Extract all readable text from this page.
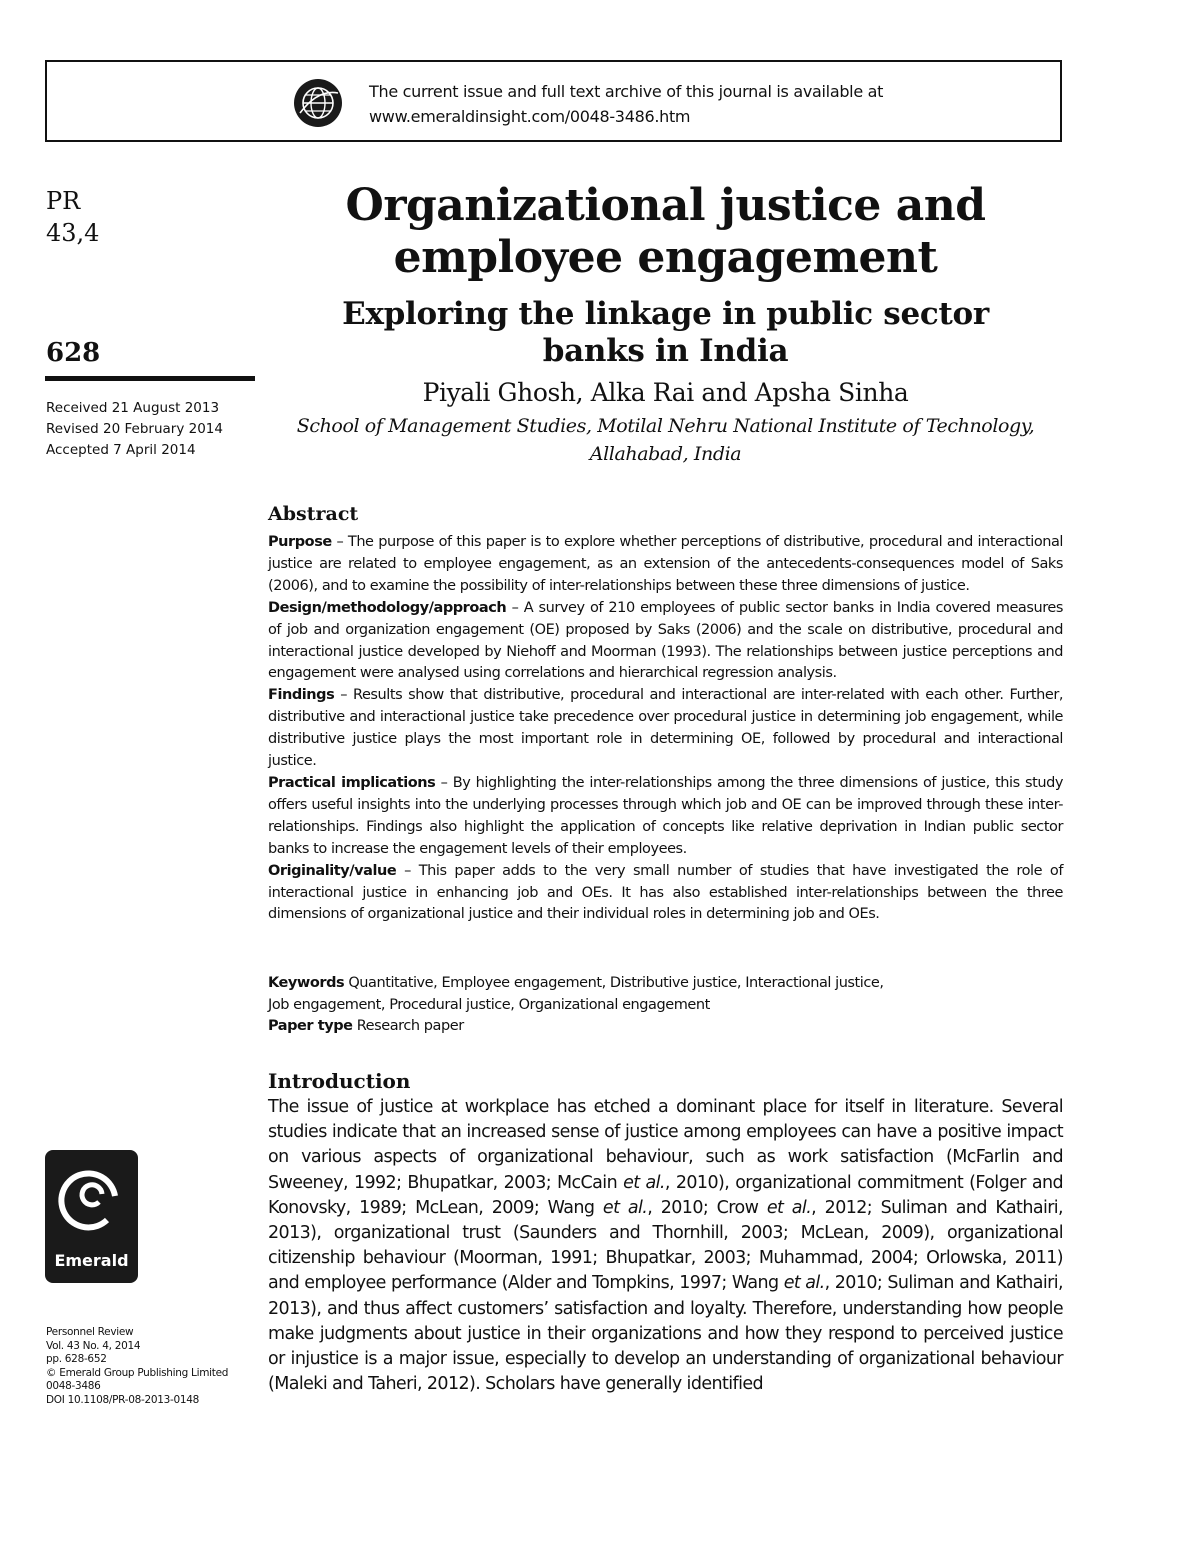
The current issue and full text archive of this journal is available at
www.emeraldinsight.com/0048-3486.htm
PR
43,4
628
Received 21 August 2013
Revised 20 February 2014
Accepted 7 April 2014
Emerald
Personnel Review
Vol. 43 No. 4, 2014
pp. 628-652
© Emerald Group Publishing Limited
0048-3486
DOI 10.1108/PR-08-2013-0148
Organizational justice and
employee engagement
Exploring the linkage in public sector
banks in India
Piyali Ghosh, Alka Rai and Apsha Sinha
School of Management Studies, Motilal Nehru National Institute of Technology,
Allahabad, India
Abstract

Purpose – The purpose of this paper is to explore whether perceptions of distributive, procedural and interactional justice are related to employee engagement, as an extension of the antecedents-consequences model of Saks (2006), and to examine the possibility of inter-relationships between these three dimensions of justice.

Design/methodology/approach – A survey of 210 employees of public sector banks in India covered measures of job and organization engagement (OE) proposed by Saks (2006) and the scale on distributive, procedural and interactional justice developed by Niehoff and Moorman (1993). The relationships between justice perceptions and engagement were analysed using correlations and hierarchical regression analysis.

Findings – Results show that distributive, procedural and interactional are inter-related with each other. Further, distributive and interactional justice take precedence over procedural justice in determining job engagement, while distributive justice plays the most important role in determining OE, followed by procedural and interactional justice.

Practical implications – By highlighting the inter-relationships among the three dimensions of justice, this study offers useful insights into the underlying processes through which job and OE can be improved through these inter-relationships. Findings also highlight the application of concepts like relative deprivation in Indian public sector banks to increase the engagement levels of their employees.

Originality/value – This paper adds to the very small number of studies that have investigated the role of interactional justice in enhancing job and OEs. It has also established inter-relationships between the three dimensions of organizational justice and their individual roles in determining job and OEs.

Keywords Quantitative, Employee engagement, Distributive justice, Interactional justice,
Job engagement, Procedural justice, Organizational engagement
Paper type Research paper
Introduction

The issue of justice at workplace has etched a dominant place for itself in literature. Several studies indicate that an increased sense of justice among employees can have a positive impact on various aspects of organizational behaviour, such as work satisfaction (McFarlin and Sweeney, 1992; Bhupatkar, 2003; McCain et al., 2010), organizational commitment (Folger and Konovsky, 1989; McLean, 2009; Wang et al., 2010; Crow et al., 2012; Suliman and Kathairi, 2013), organizational trust (Saunders and Thornhill, 2003; McLean, 2009), organizational citizenship behaviour (Moorman, 1991; Bhupatkar, 2003; Muhammad, 2004; Orlowska, 2011) and employee performance (Alder and Tompkins, 1997; Wang et al., 2010; Suliman and Kathairi, 2013), and thus affect customers’ satisfaction and loyalty. Therefore, understanding how people make judgments about justice in their organizations and how they respond to perceived justice or injustice is a major issue, especially to develop an understanding of organizational behaviour (Maleki and Taheri, 2012). Scholars have generally identified
